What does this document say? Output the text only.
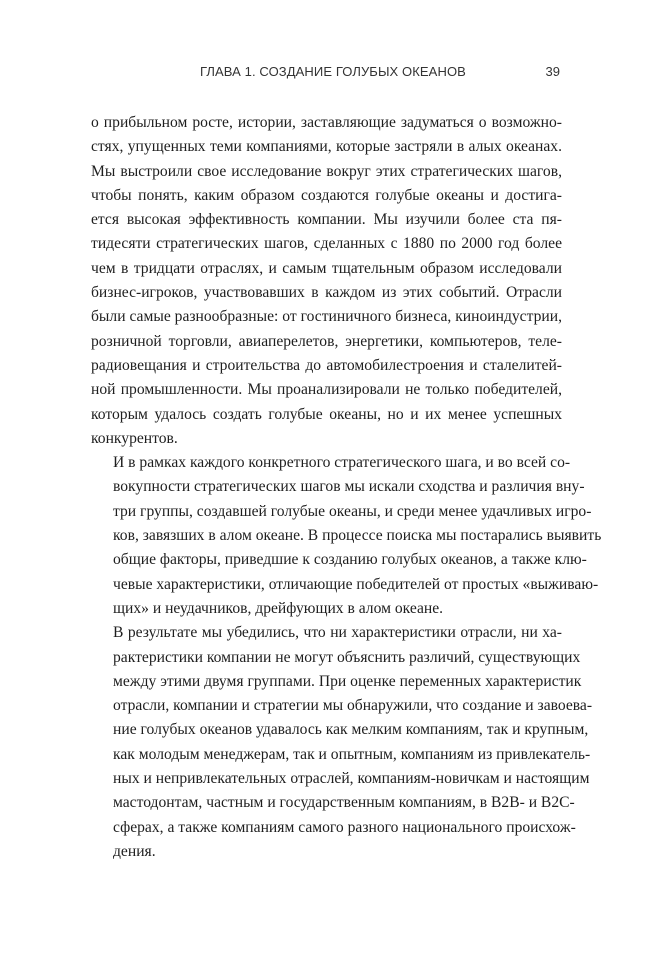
ГЛАВА 1. СОЗДАНИЕ ГОЛУБЫХ ОКЕАНОВ	39
о прибыльном росте, истории, заставляющие задуматься о возможно-
стях, упущенных теми компаниями, которые застряли в алых океанах.
Мы выстроили свое исследование вокруг этих стратегических шагов,
чтобы понять, каким образом создаются голубые океаны и достига-
ется высокая эффективность компании. Мы изучили более ста пя-
тидесяти стратегических шагов, сделанных с 1880 по 2000 год более
чем в тридцати отраслях, и самым тщательным образом исследовали
бизнес-игроков, участвовавших в каждом из этих событий. Отрасли
были самые разнообразные: от гостиничного бизнеса, киноиндустрии,
розничной торговли, авиаперелетов, энергетики, компьютеров, теле-
радиовещания и строительства до автомобилестроения и сталелитей-
ной промышленности. Мы проанализировали не только победителей,
которым удалось создать голубые океаны, но и их менее успешных
конкурентов.
И в рамках каждого конкретного стратегического шага, и во всей со-
вокупности стратегических шагов мы искали сходства и различия вну-
три группы, создавшей голубые океаны, и среди менее удачливых игро-
ков, завязших в алом океане. В процессе поиска мы постарались выявить
общие факторы, приведшие к созданию голубых океанов, а также клю-
чевые характеристики, отличающие победителей от простых «выживаю-
щих» и неудачников, дрейфующих в алом океане.
В результате мы убедились, что ни характеристики отрасли, ни ха-
рактеристики компании не могут объяснить различий, существующих
между этими двумя группами. При оценке переменных характеристик
отрасли, компании и стратегии мы обнаружили, что создание и завоева-
ние голубых океанов удавалось как мелким компаниям, так и крупным,
как молодым менеджерам, так и опытным, компаниям из привлекатель-
ных и непривлекательных отраслей, компаниям-новичкам и настоящим
мастодонтам, частным и государственным компаниям, в B2B- и B2C-
сферах, а также компаниям самого разного национального происхож-
дения.
